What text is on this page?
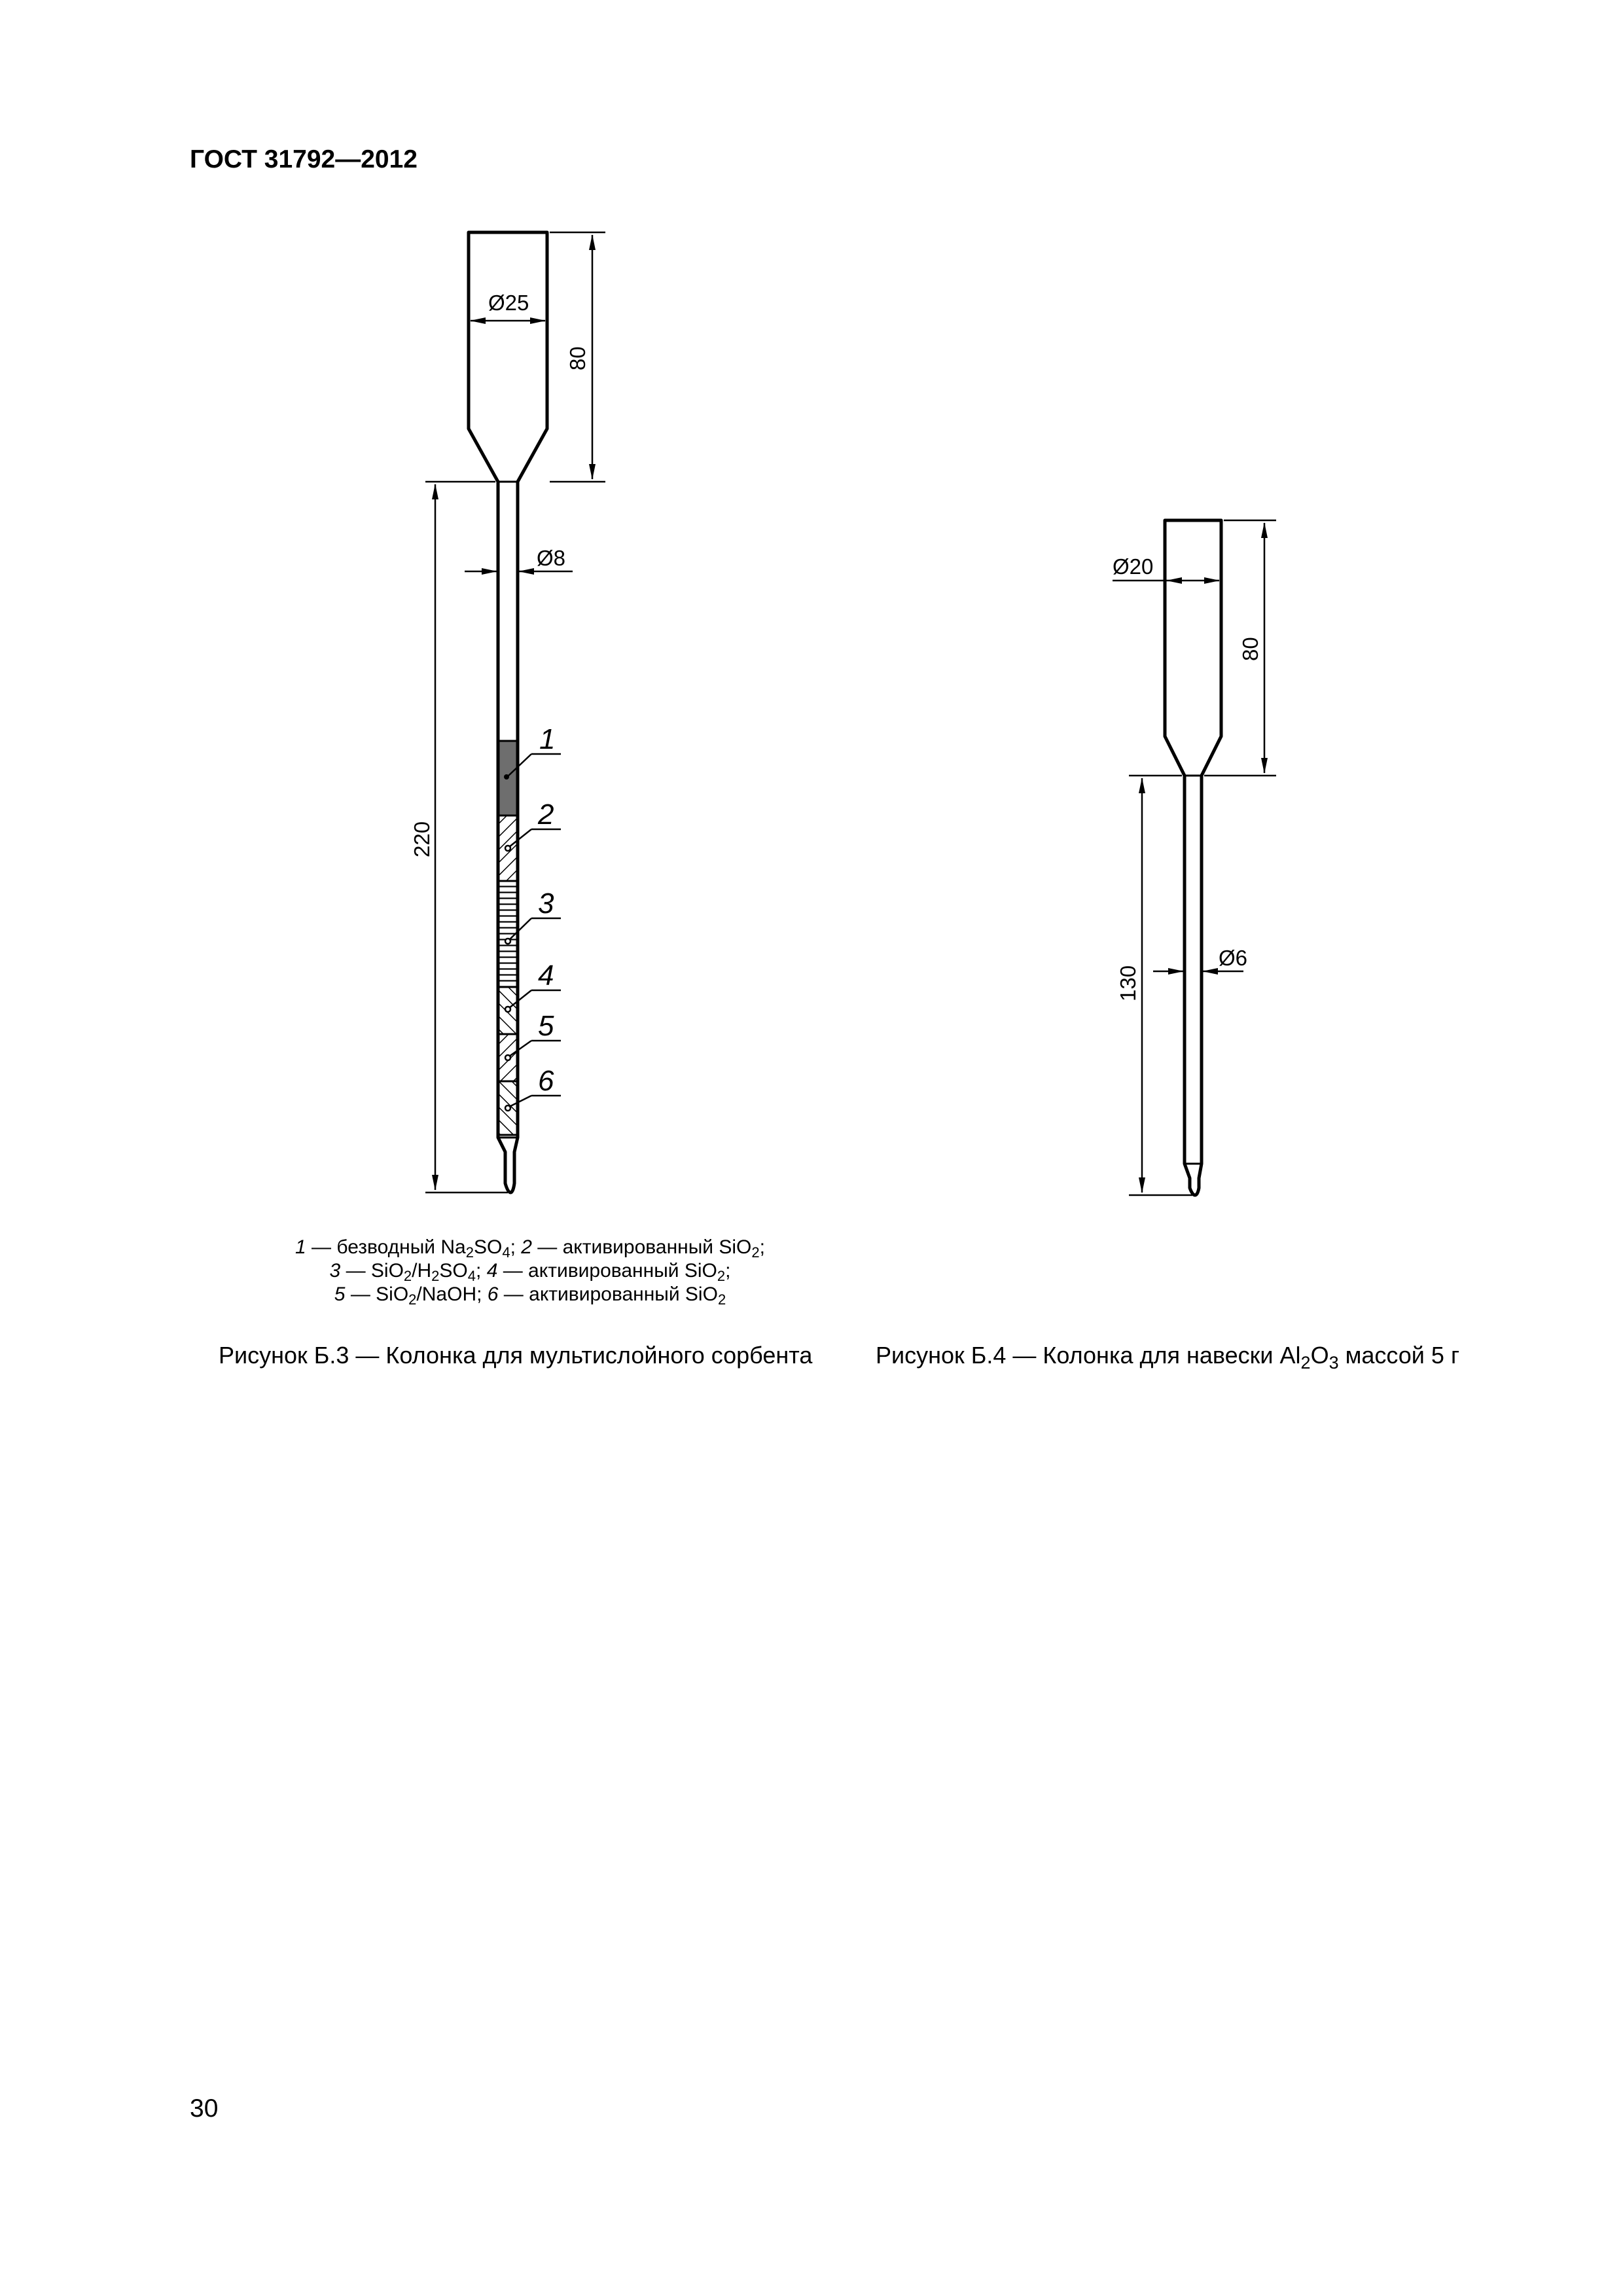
ГОСТ 31792—2012
Ø25
80
Ø8
220
1
2
3
4
5
6
Ø20
80
Ø6
130
1 — безводный $Na_2SO_4$; 2 — активированный SiO$_2$;
3 — $SiO_2/H_2SO_4$; 4 — активированный SiO$_2$;
5 — SiO$_2$/NaOH; 6 — активированный SiO$_2$
Рисунок Б.3 — Колонка для мультислойного сорбента	Рисунок Б.4 — Колонка для навески $Al_2O_3$ массой 5 г
30
